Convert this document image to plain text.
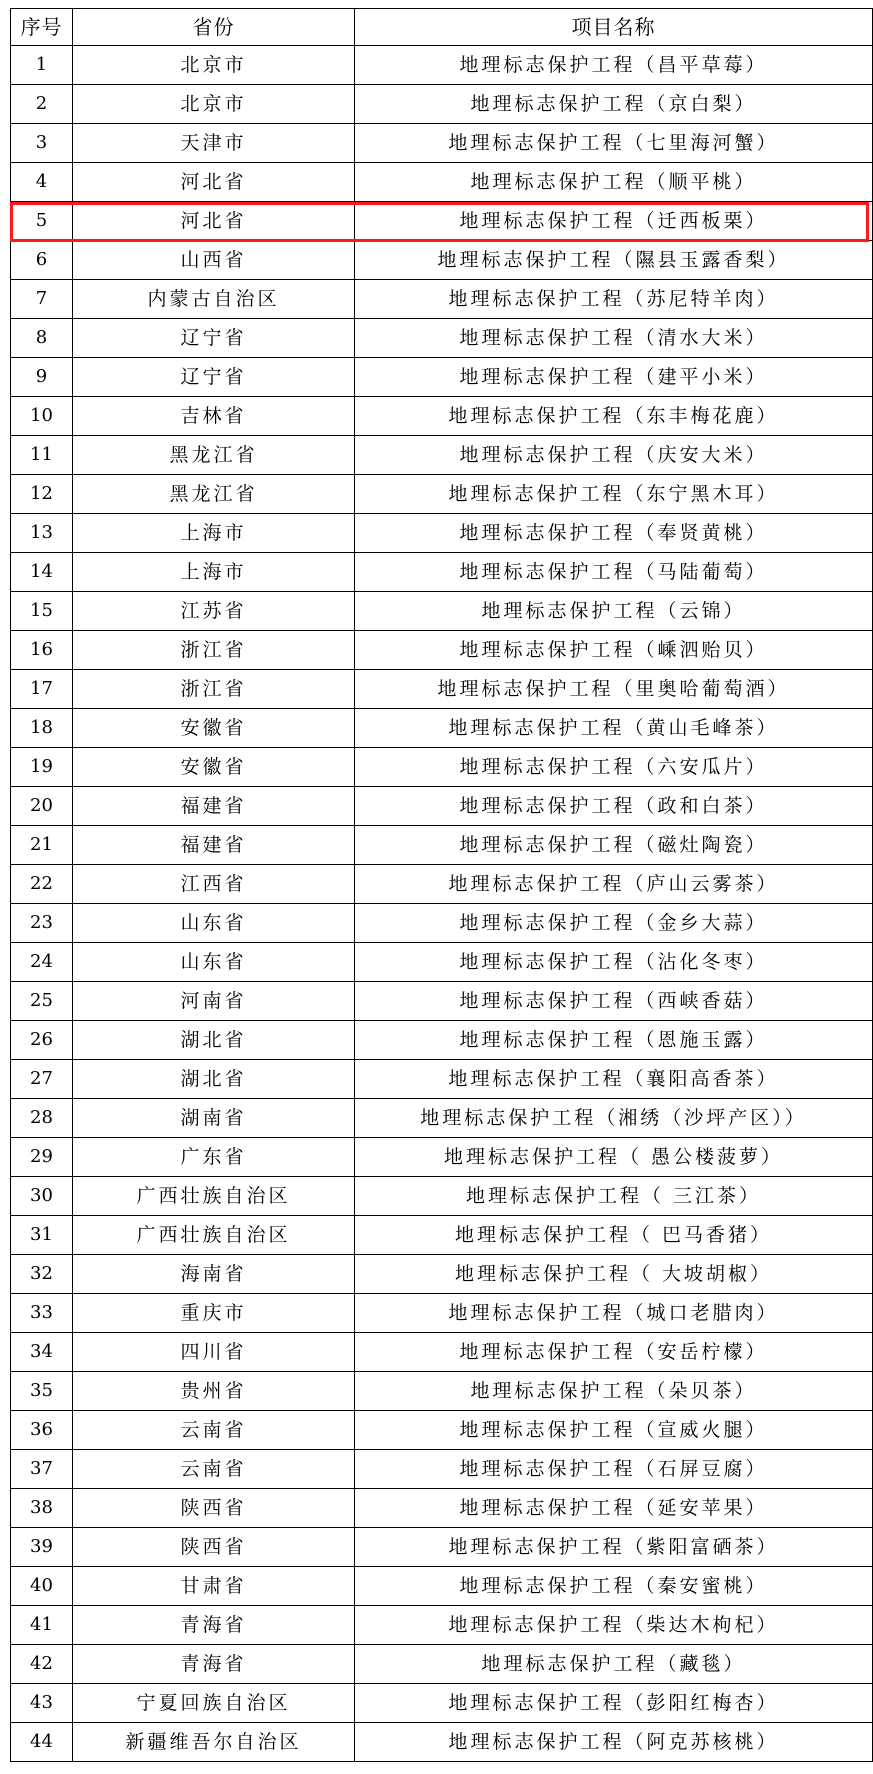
序号	省份	项目名称
1	北京市	地理标志保护工程（昌平草莓）
2	北京市	地理标志保护工程（京白梨）
3	天津市	地理标志保护工程（七里海河蟹）
4	河北省	地理标志保护工程（顺平桃）
5	河北省	地理标志保护工程（迁西板栗）
6	山西省	地理标志保护工程（隰县玉露香梨）
7	内蒙古自治区	地理标志保护工程（苏尼特羊肉）
8	辽宁省	地理标志保护工程（清水大米）
9	辽宁省	地理标志保护工程（建平小米）
10	吉林省	地理标志保护工程（东丰梅花鹿）
11	黑龙江省	地理标志保护工程（庆安大米）
12	黑龙江省	地理标志保护工程（东宁黑木耳）
13	上海市	地理标志保护工程（奉贤黄桃）
14	上海市	地理标志保护工程（马陆葡萄）
15	江苏省	地理标志保护工程（云锦）
16	浙江省	地理标志保护工程（嵊泗贻贝）
17	浙江省	地理标志保护工程（里奥哈葡萄酒）
18	安徽省	地理标志保护工程（黄山毛峰茶）
19	安徽省	地理标志保护工程（六安瓜片）
20	福建省	地理标志保护工程（政和白茶）
21	福建省	地理标志保护工程（磁灶陶瓷）
22	江西省	地理标志保护工程（庐山云雾茶）
23	山东省	地理标志保护工程（金乡大蒜）
24	山东省	地理标志保护工程（沾化冬枣）
25	河南省	地理标志保护工程（西峡香菇）
26	湖北省	地理标志保护工程（恩施玉露）
27	湖北省	地理标志保护工程（襄阳高香茶）
28	湖南省	地理标志保护工程（湘绣（沙坪产区））
29	广东省	地理标志保护工程（ 愚公楼菠萝）
30	广西壮族自治区	地理标志保护工程（ 三江茶）
31	广西壮族自治区	地理标志保护工程（ 巴马香猪）
32	海南省	地理标志保护工程（ 大坡胡椒）
33	重庆市	地理标志保护工程（城口老腊肉）
34	四川省	地理标志保护工程（安岳柠檬）
35	贵州省	地理标志保护工程（朵贝茶）
36	云南省	地理标志保护工程（宣威火腿）
37	云南省	地理标志保护工程（石屏豆腐）
38	陕西省	地理标志保护工程（延安苹果）
39	陕西省	地理标志保护工程（紫阳富硒茶）
40	甘肃省	地理标志保护工程（秦安蜜桃）
41	青海省	地理标志保护工程（柴达木枸杞）
42	青海省	地理标志保护工程（藏毯）
43	宁夏回族自治区	地理标志保护工程（彭阳红梅杏）
44	新疆维吾尔自治区	地理标志保护工程（阿克苏核桃）
